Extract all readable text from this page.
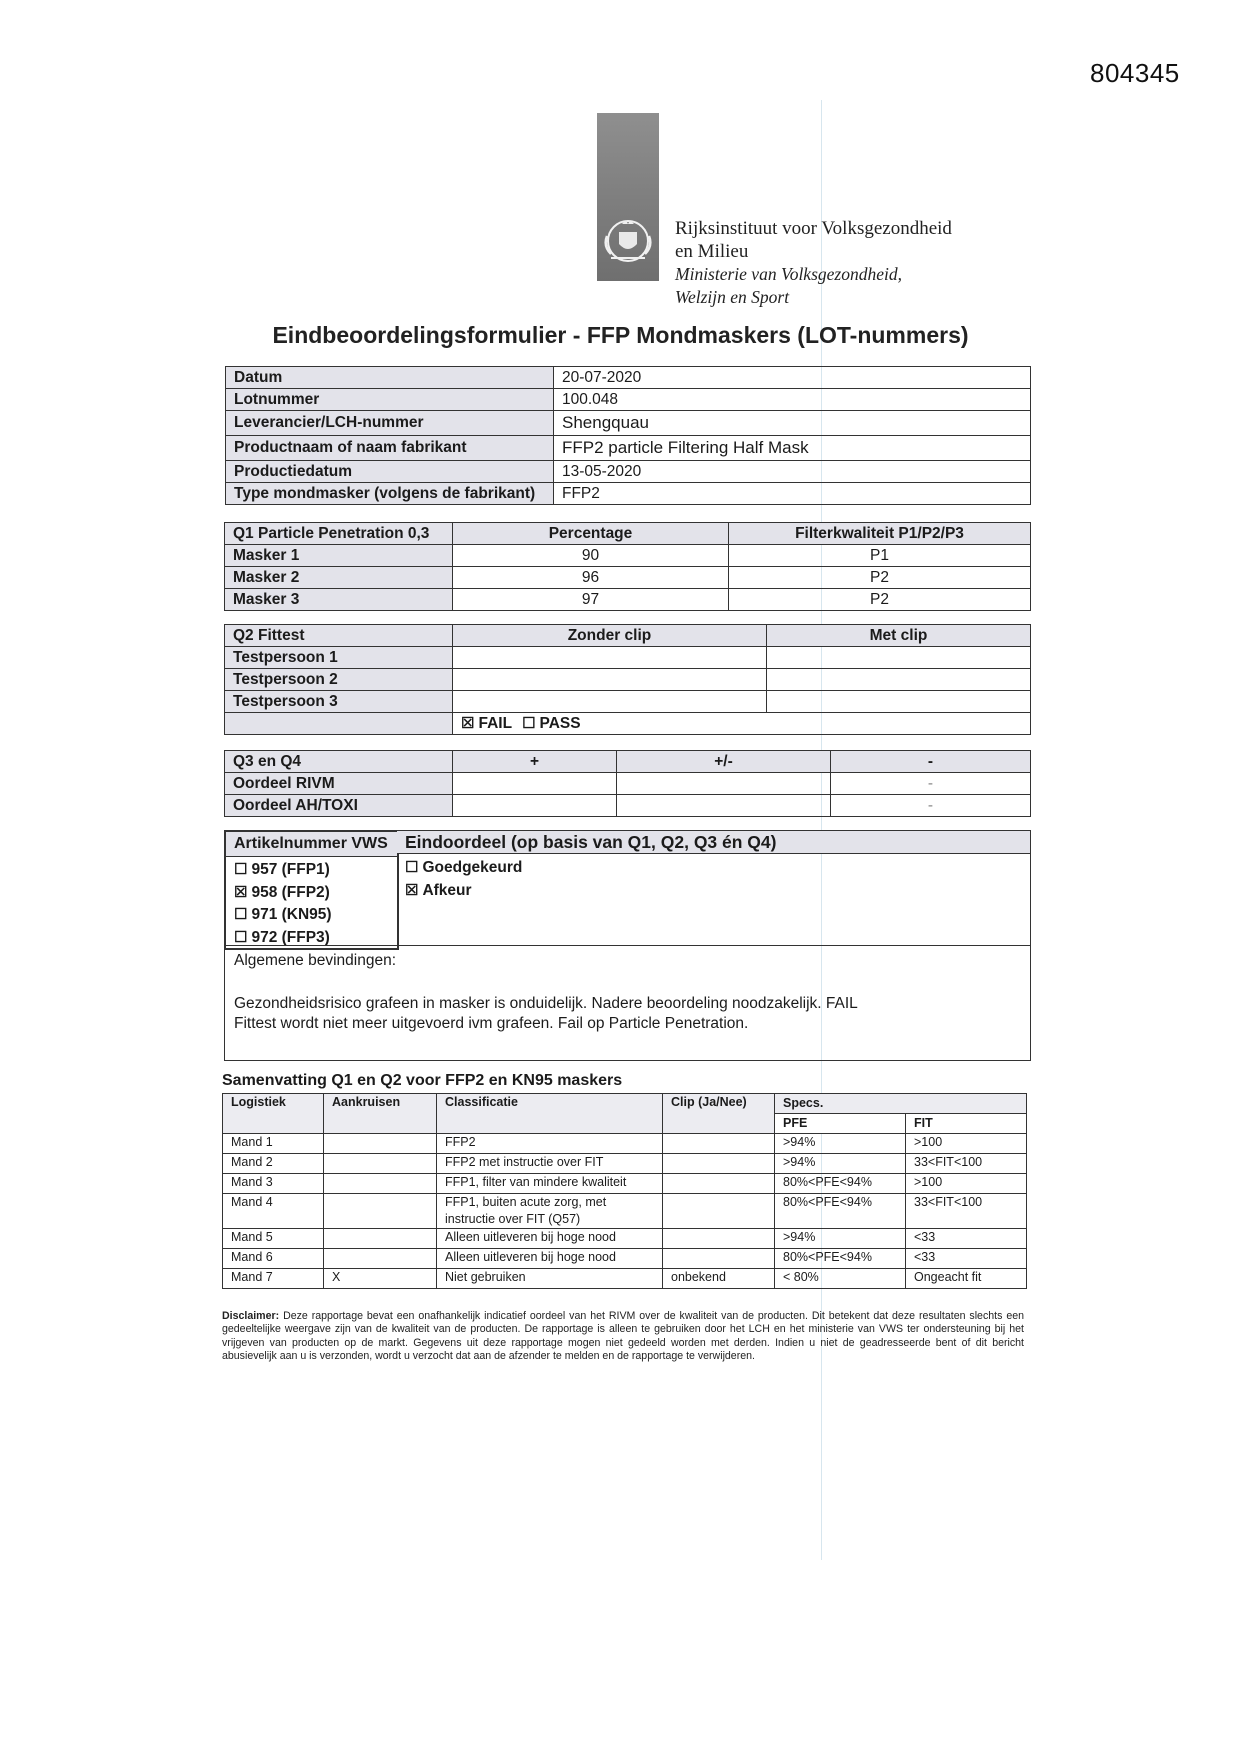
804345
Rijksinstituut voor Volksgezondheid
en Milieu
Ministerie van Volksgezondheid,
Welzijn en Sport
Eindbeoordelingsformulier - FFP Mondmaskers (LOT-nummers)
Datum	20-07-2020
Lotnummer	100.048
Leverancier/LCH-nummer	Shengquau
Productnaam of naam fabrikant	FFP2 particle Filtering Half Mask
Productiedatum	13-05-2020
Type mondmasker (volgens de fabrikant)	FFP2
Q1 Particle Penetration 0,3	Percentage	Filterkwaliteit P1/P2/P3
Masker 1	90	P1
Masker 2	96	P2
Masker 3	97	P2
Q2 Fittest	Zonder clip	Met clip
Testpersoon 1		
Testpersoon 2		
Testpersoon 3		
	☒ FAIL ☐ PASS	
Q3 en Q4	+	+/-	-
Oordeel RIVM			-
Oordeel AH/TOXI			-
Artikelnummer VWS
☐ 957 (FFP1)
☒ 958 (FFP2)
☐ 971 (KN95)
☐ 972 (FFP3)
Eindoordeel (op basis van Q1, Q2, Q3 én Q4)
☐ Goedgekeurd
☒ Afkeur
Algemene bevindingen:
Gezondheidsrisico grafeen in masker is onduidelijk. Nadere beoordeling noodzakelijk. FAIL
Fittest wordt niet meer uitgevoerd ivm grafeen. Fail op Particle Penetration.
Samenvatting Q1 en Q2 voor FFP2 en KN95 maskers
Logistiek	Aankruisen	Classificatie	Clip (Ja/Nee)	Specs.	
				PFE	FIT
Mand 1		FFP2		>94%	>100
Mand 2		FFP2 met instructie over FIT		>94%	33<FIT<100
Mand 3		FFP1, filter van mindere kwaliteit		80%<PFE<94%	>100
Mand 4		FFP1, buiten acute zorg, met
instructie over FIT (Q57)		80%<PFE<94%	33<FIT<100
Mand 5		Alleen uitleveren bij hoge nood		>94%	<33
Mand 6		Alleen uitleveren bij hoge nood		80%<PFE<94%	<33
Mand 7	X	Niet gebruiken	onbekend	< 80%	Ongeacht fit
Disclaimer: Deze rapportage bevat een onafhankelijk indicatief oordeel van het RIVM over de kwaliteit van de producten. Dit betekent dat deze resultaten slechts een gedeeltelijke weergave zijn van de kwaliteit van de producten. De rapportage is alleen te gebruiken door het LCH en het ministerie van VWS ter ondersteuning bij het vrijgeven van producten op de markt. Gegevens uit deze rapportage mogen niet gedeeld worden met derden. Indien u niet de geadresseerde bent of dit bericht abusievelijk aan u is verzonden, wordt u verzocht dat aan de afzender te melden en de rapportage te verwijderen.
